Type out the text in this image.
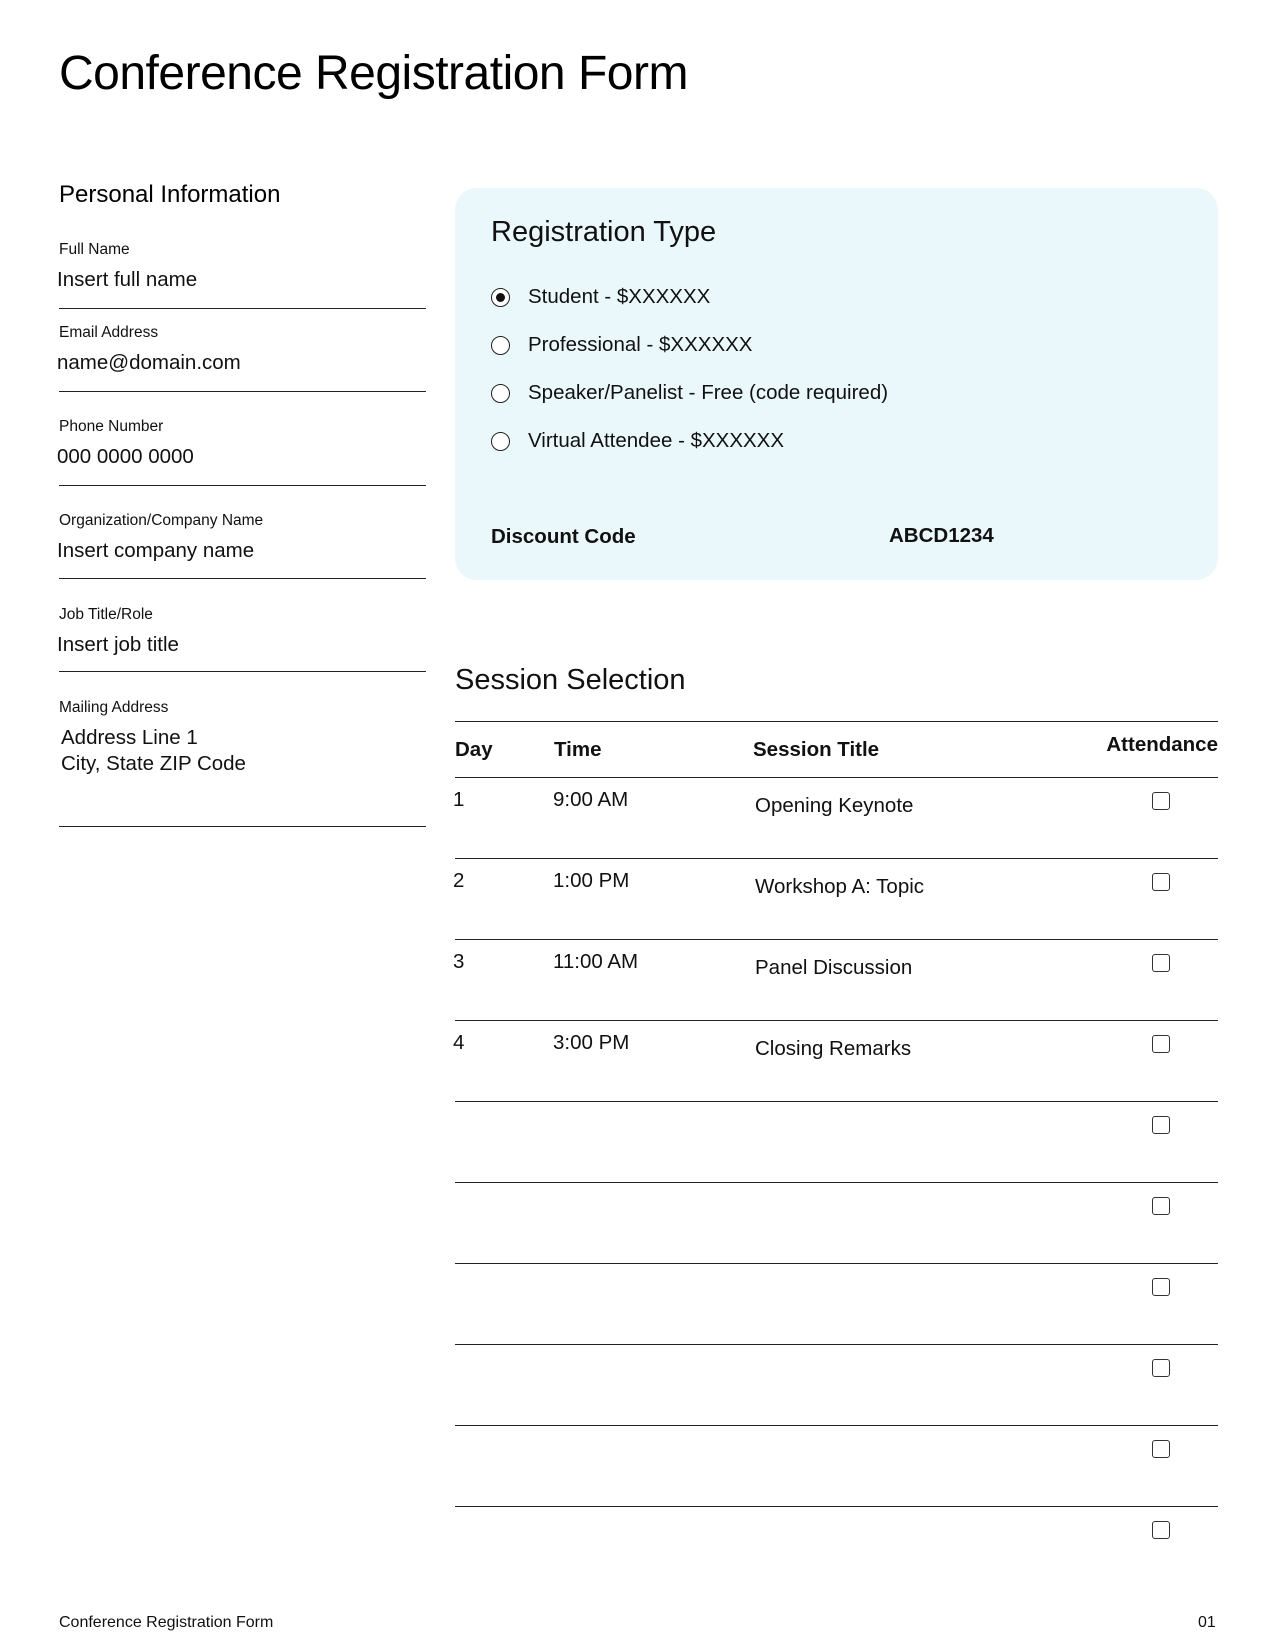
Conference Registration Form
Personal Information
Full Name
Insert full name
Email Address
name@domain.com
Phone Number
000 0000 0000
Organization/Company Name
Insert company name
Job Title/Role
Insert job title
Mailing Address
Address Line 1
City, State ZIP Code
Registration Type
Student - $XXXXXX
Professional - $XXXXXX
Speaker/Panelist - Free (code required)
Virtual Attendee - $XXXXXX
Discount Code	ABCD1234
Session Selection
Day	Time	Session Title	Attendance
1	9:00 AM	Opening Keynote
2	1:00 PM	Workshop A: Topic
3	11:00 AM	Panel Discussion
4	3:00 PM	Closing Remarks
Conference Registration Form	01
